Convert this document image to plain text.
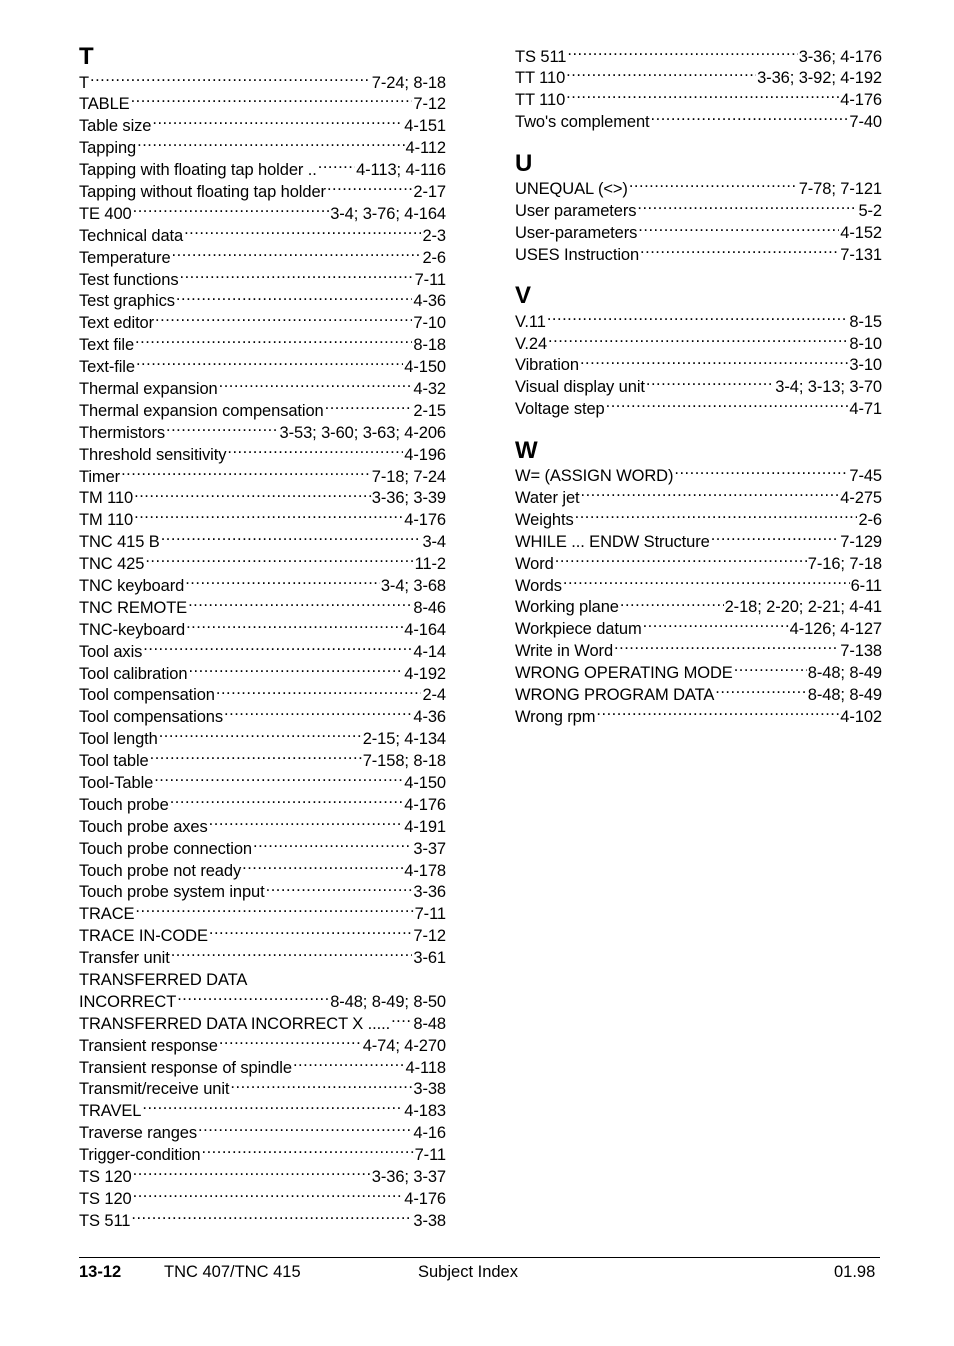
T
T .....	7-24; 8-18
TABLE .....	7-12
Table size .....	4-151
Tapping .....	4-112
Tapping with floating tap holder .. ..... 4-113; 4-116
Tapping without floating tap holder .....	2-17
TE 400 .....	3-4; 3-76; 4-164
Technical data .....	2-3
Temperature .....	2-6
Test functions .....	7-11
Test graphics .....	4-36
Text editor .....	7-10
Text file .....	8-18
Text-file .....	4-150
Thermal expansion .....	4-32
Thermal expansion compensation .....	2-15
Thermistors .....	3-53; 3-60; 3-63; 4-206
Threshold sensitivity .....	4-196
Timer .....	7-18; 7-24
TM 110 .....	3-36; 3-39
TM 110 .....	4-176
TNC 415 B .....	3-4
TNC 425 .....	11-2
TNC keyboard .....	3-4; 3-68
TNC REMOTE .....	8-46
TNC-keyboard .....	4-164
Tool axis .....	4-14
Tool calibration .....	4-192
Tool compensation .....	2-4
Tool compensations .....	4-36
Tool length .....	2-15; 4-134
Tool table .....	7-158; 8-18
Tool-Table .....	4-150
Touch probe .....	4-176
Touch probe axes .....	4-191
Touch probe connection .....	3-37
Touch probe not ready .....	4-178
Touch probe system input .....	3-36
TRACE .....	7-11
TRACE IN-CODE .....	7-12
Transfer unit .....	3-61
TRANSFERRED DATA
INCORRECT .....	8-48; 8-49; 8-50
TRANSFERRED DATA INCORRECT X ..... ..... 8-48
Transient response .....	4-74; 4-270
Transient response of spindle .....	4-118
Transmit/receive unit .....	3-38
TRAVEL .....	4-183
Traverse ranges .....	4-16
Trigger-condition .....	7-11
TS 120 .....	3-36; 3-37
TS 120 .....	4-176
TS 511 .....	3-38
TS 511 .....	3-36; 4-176
TT 110 .....	3-36; 3-92; 4-192
TT 110 .....	4-176
Two's complement .....	7-40
U
UNEQUAL (<>) .....	7-78; 7-121
User parameters .....	5-2
User-parameters .....	4-152
USES Instruction .....	7-131
V
V.11 .....	8-15
V.24 .....	8-10
Vibration .....	3-10
Visual display unit .....	3-4; 3-13; 3-70
Voltage step .....	4-71
W
W= (ASSIGN WORD) .....	7-45
Water jet .....	4-275
Weights .....	2-6
WHILE ... ENDW Structure .....	7-129
Word .....	7-16; 7-18
Words .....	6-11
Working plane .....	2-18; 2-20; 2-21; 4-41
Workpiece datum .....	4-126; 4-127
Write in Word .....	7-138
WRONG OPERATING MODE .....	8-48; 8-49
WRONG PROGRAM DATA .....	8-48; 8-49
Wrong rpm .....	4-102
13-12	TNC 407/TNC 415	Subject Index	01.98
